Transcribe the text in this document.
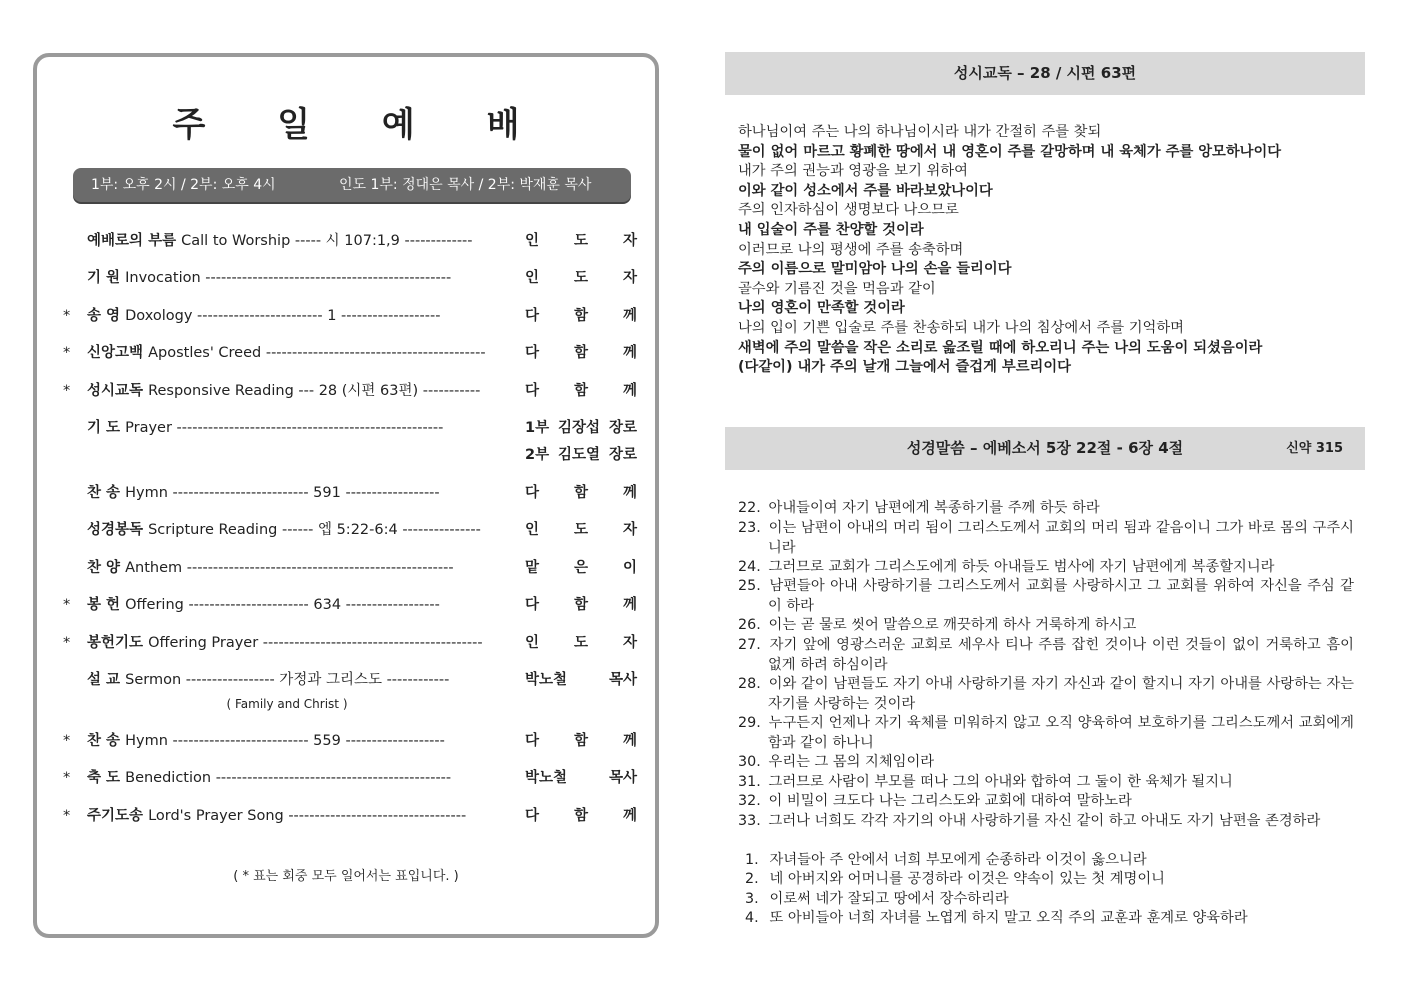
주 일 예 배
1부: 오후 2시 / 2부: 오후 4시	인도 1부: 정대은 목사 / 2부: 박재훈 목사
예배로의 부름 Call to Worship ----- 시 107:1,9 -------------	인 도 자
기 원 Invocation -----------------------------------------------	인 도 자
*	송 영 Doxology ------------------------ 1 -------------------	다 함 께
*	신앙고백 Apostles' Creed ------------------------------------------	다 함 께
*	성시교독 Responsive Reading --- 28 (시편 63편) -----------	다 함 께
기 도 Prayer ---------------------------------------------------	1부 김장섭 장로
2부 김도열 장로
찬 송 Hymn -------------------------- 591 ------------------	다 함 께
성경봉독 Scripture Reading ------ 엡 5:22-6:4 ---------------	인 도 자
찬 양 Anthem ---------------------------------------------------	맡 은 이
*	봉 헌 Offering ----------------------- 634 ------------------	다 함 께
*	봉헌기도 Offering Prayer ------------------------------------------	인 도 자
설 교 Sermon ----------------- 가정과 그리스도 ------------	박노철	목사
*	찬 송 Hymn -------------------------- 559 -------------------	다 함 께
*	축 도 Benediction ---------------------------------------------	박노철	목사
*	주기도송 Lord's Prayer Song ----------------------------------	다 함 께
( Family and Christ )
( * 표는 회중 모두 일어서는 표입니다. )
성시교독 – 28 / 시편 63편
하나님이여 주는 나의 하나님이시라 내가 간절히 주를 찾되
물이 없어 마르고 황폐한 땅에서 내 영혼이 주를 갈망하며 내 육체가 주를 앙모하나이다
내가 주의 권능과 영광을 보기 위하여
이와 같이 성소에서 주를 바라보았나이다
주의 인자하심이 생명보다 나으므로
내 입술이 주를 찬양할 것이라
이러므로 나의 평생에 주를 송축하며
주의 이름으로 말미암아 나의 손을 들리이다
골수와 기름진 것을 먹음과 같이
나의 영혼이 만족할 것이라
나의 입이 기쁜 입술로 주를 찬송하되 내가 나의 침상에서 주를 기억하며
새벽에 주의 말씀을 작은 소리로 읊조릴 때에 하오리니 주는 나의 도움이 되셨음이라
(다같이) 내가 주의 날개 그늘에서 즐겁게 부르리이다
성경말씀 – 에베소서 5장 22절 - 6장 4절	신약 315
22. 아내들이여 자기 남편에게 복종하기를 주께 하듯 하라
23. 이는 남편이 아내의 머리 됨이 그리스도께서 교회의 머리 됨과 같음이니 그가 바로 몸의 구주시니라
24. 그러므로 교회가 그리스도에게 하듯 아내들도 범사에 자기 남편에게 복종할지니라
25. 남편들아 아내 사랑하기를 그리스도께서 교회를 사랑하시고 그 교회를 위하여 자신을 주심 같이 하라
26. 이는 곧 물로 씻어 말씀으로 깨끗하게 하사 거룩하게 하시고
27. 자기 앞에 영광스러운 교회로 세우사 티나 주름 잡힌 것이나 이런 것들이 없이 거룩하고 흠이 없게 하려 하심이라
28. 이와 같이 남편들도 자기 아내 사랑하기를 자기 자신과 같이 할지니 자기 아내를 사랑하는 자는 자기를 사랑하는 것이라
29. 누구든지 언제나 자기 육체를 미워하지 않고 오직 양육하여 보호하기를 그리스도께서 교회에게 함과 같이 하나니
30. 우리는 그 몸의 지체임이라
31. 그러므로 사람이 부모를 떠나 그의 아내와 합하여 그 둘이 한 육체가 될지니
32. 이 비밀이 크도다 나는 그리스도와 교회에 대하여 말하노라
33. 그러나 너희도 각각 자기의 아내 사랑하기를 자신 같이 하고 아내도 자기 남편을 존경하라
1. 자녀들아 주 안에서 너희 부모에게 순종하라 이것이 옳으니라
2. 네 아버지와 어머니를 공경하라 이것은 약속이 있는 첫 계명이니
3. 이로써 네가 잘되고 땅에서 장수하리라
4. 또 아비들아 너희 자녀를 노엽게 하지 말고 오직 주의 교훈과 훈계로 양육하라
